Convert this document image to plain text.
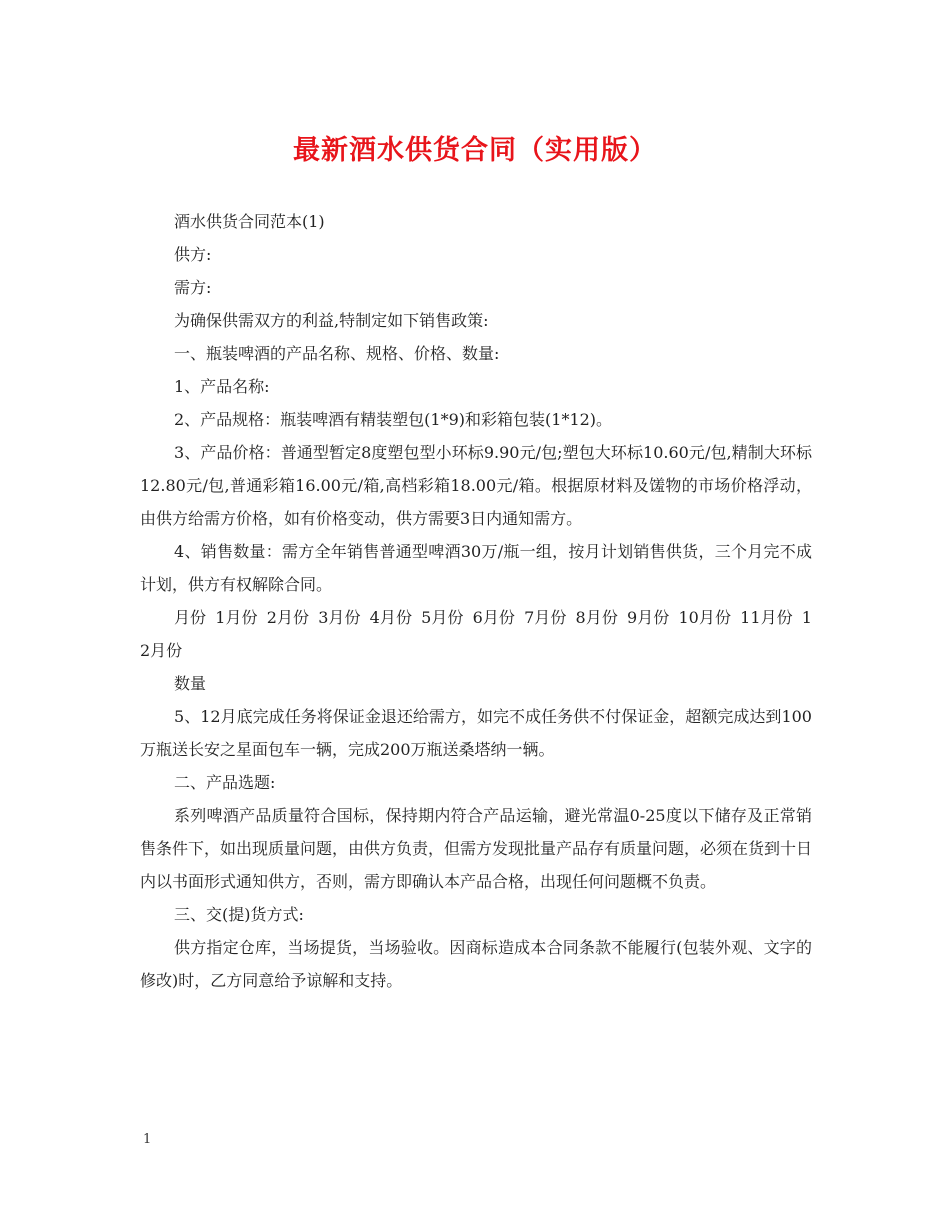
最新酒水供货合同（实用版）
酒水供货合同范本(1)
供方:
需方:
为确保供需双方的利益,特制定如下销售政策:
一、瓶装啤酒的产品名称、规格、价格、数量:
1、产品名称:
2、产品规格：瓶装啤酒有精装塑包(1*9)和彩箱包装(1*12)。
3、产品价格：普通型暂定8度塑包型小环标9.90元/包;塑包大环标10.60元/包,精制大环标12.80元/包,普通彩箱16.00元/箱,高档彩箱18.00元/箱。根据原材料及馐物的市场价格浮动，由供方给需方价格，如有价格变动，供方需要3日内通知需方。
4、销售数量：需方全年销售普通型啤酒30万/瓶一组，按月计划销售供货，三个月完不成计划，供方有权解除合同。
月份 1月份 2月份 3月份 4月份 5月份 6月份 7月份 8月份 9月份 10月份 11月份 12月份
数量
5、12月底完成任务将保证金退还给需方，如完不成任务供不付保证金，超额完成达到100万瓶送长安之星面包车一辆，完成200万瓶送桑塔纳一辆。
二、产品选题:
系列啤酒产品质量符合国标，保持期内符合产品运输，避光常温0-25度以下储存及正常销售条件下，如出现质量问题，由供方负责，但需方发现批量产品存有质量问题，必须在货到十日内以书面形式通知供方，否则，需方即确认本产品合格，出现任何问题概不负责。
三、交(提)货方式:
供方指定仓库，当场提货，当场验收。因商标造成本合同条款不能履行(包装外观、文字的修改)时，乙方同意给予谅解和支持。
1
